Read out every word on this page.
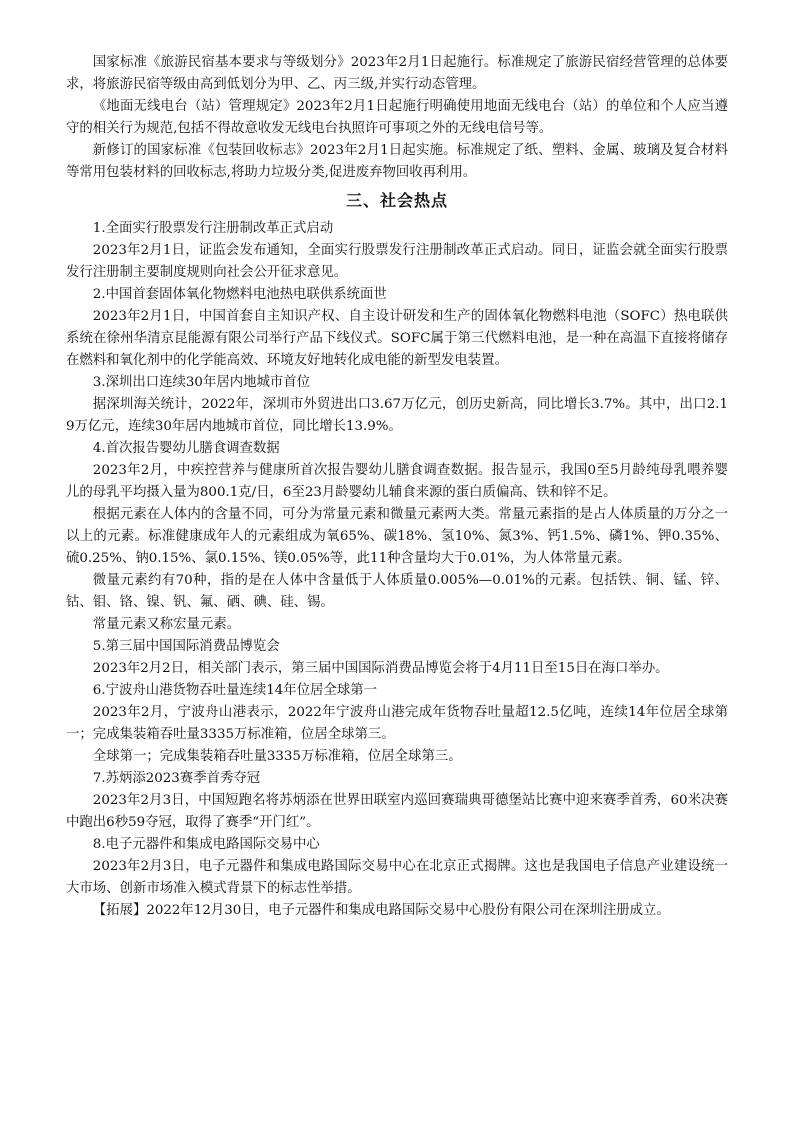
国家标准《旅游民宿基本要求与等级划分》2023年2月1日起施行。标准规定了旅游民宿经营管理的总体要求，将旅游民宿等级由高到低划分为甲、乙、丙三级,并实行动态管理。

《地面无线电台（站）管理规定》2023年2月1日起施行明确使用地面无线电台（站）的单位和个人应当遵守的相关行为规范,包括不得故意收发无线电台执照许可事项之外的无线电信号等。

新修订的国家标准《包装回收标志》2023年2月1日起实施。标准规定了纸、塑料、金属、玻璃及复合材料等常用包装材料的回收标志,将助力垃圾分类,促进废弃物回收再利用。

三、社会热点

1.全面实行股票发行注册制改革正式启动

2023年2月1日，证监会发布通知，全面实行股票发行注册制改革正式启动。同日，证监会就全面实行股票发行注册制主要制度规则向社会公开征求意见。

2.中国首套固体氧化物燃料电池热电联供系统面世

2023年2月1日，中国首套自主知识产权、自主设计研发和生产的固体氧化物燃料电池（SOFC）热电联供系统在徐州华清京昆能源有限公司举行产品下线仪式。SOFC属于第三代燃料电池，是一种在高温下直接将储存在燃料和氧化剂中的化学能高效、环境友好地转化成电能的新型发电装置。

3.深圳出口连续30年居内地城市首位

据深圳海关统计，2022年，深圳市外贸进出口3.67万亿元，创历史新高，同比增长3.7%。其中，出口2.19万亿元，连续30年居内地城市首位，同比增长13.9%。

4.首次报告婴幼儿膳食调查数据

2023年2月，中疾控营养与健康所首次报告婴幼儿膳食调查数据。报告显示，我国0至5月龄纯母乳喂养婴儿的母乳平均摄入量为800.1克/日，6至23月龄婴幼儿辅食来源的蛋白质偏高、铁和锌不足。

根据元素在人体内的含量不同，可分为常量元素和微量元素两大类。常量元素指的是占人体质量的万分之一以上的元素。标准健康成年人的元素组成为氧65%、碳18%、氢10%、氮3%、钙1.5%、磷1%、钾0.35%、硫0.25%、钠0.15%、氯0.15%、镁0.05%等，此11种含量均大于0.01%，为人体常量元素。

微量元素约有70种，指的是在人体中含量低于人体质量0.005%—0.01%的元素。包括铁、铜、锰、锌、钴、钼、铬、镍、钒、氟、硒、碘、硅、锡。

常量元素又称宏量元素。

5.第三届中国国际消费品博览会

2023年2月2日，相关部门表示，第三届中国国际消费品博览会将于4月11日至15日在海口举办。

6.宁波舟山港货物吞吐量连续14年位居全球第一

2023年2月，宁波舟山港表示，2022年宁波舟山港完成年货物吞吐量超12.5亿吨，连续14年位居全球第一；完成集装箱吞吐量3335万标准箱，位居全球第三。

全球第一；完成集装箱吞吐量3335万标准箱，位居全球第三。

7.苏炳添2023赛季首秀夺冠

2023年2月3日，中国短跑名将苏炳添在世界田联室内巡回赛瑞典哥德堡站比赛中迎来赛季首秀，60米决赛中跑出6秒59夺冠，取得了赛季“开门红”。

8.电子元器件和集成电路国际交易中心

2023年2月3日，电子元器件和集成电路国际交易中心在北京正式揭牌。这也是我国电子信息产业建设统一大市场、创新市场准入模式背景下的标志性举措。

【拓展】2022年12月30日，电子元器件和集成电路国际交易中心股份有限公司在深圳注册成立。
